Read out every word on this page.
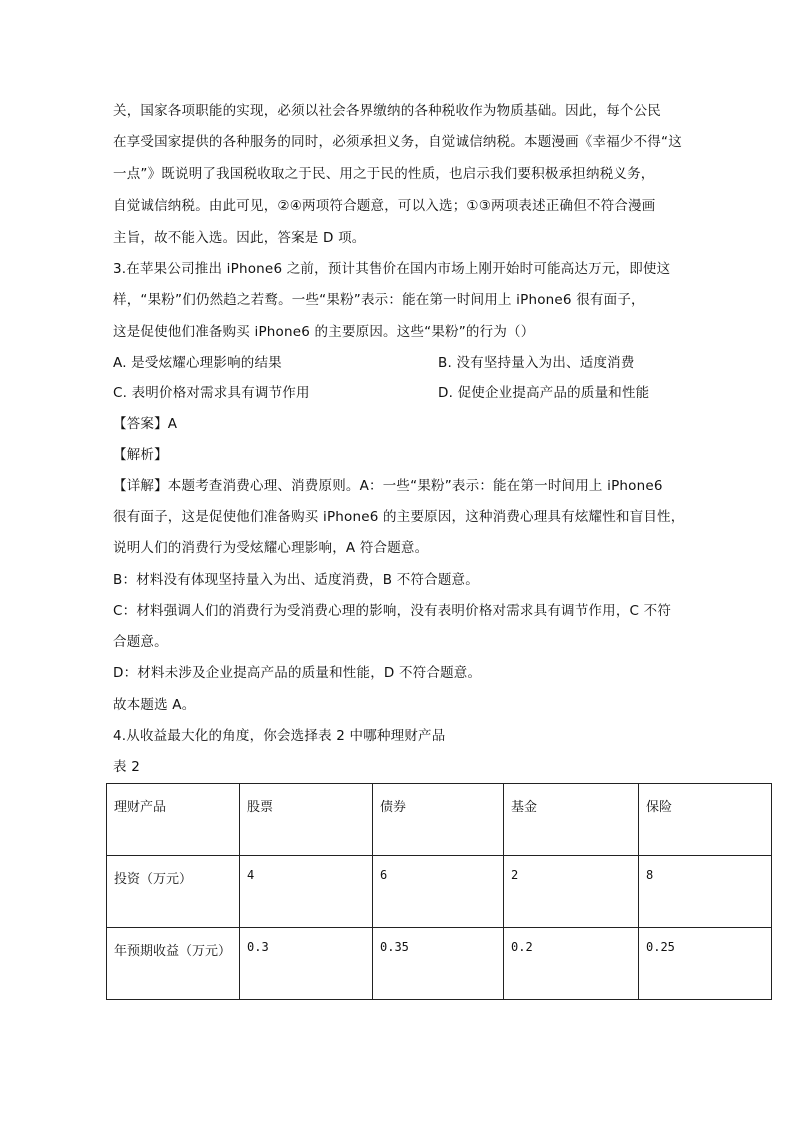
关，国家各项职能的实现，必须以社会各界缴纳的各种税收作为物质基础。因此，每个公民
在享受国家提供的各种服务的同时，必须承担义务，自觉诚信纳税。本题漫画《幸福少不得“这
一点”》既说明了我国税收取之于民、用之于民的性质，也启示我们要积极承担纳税义务，
自觉诚信纳税。由此可见，②④两项符合题意，可以入选；①③两项表述正确但不符合漫画
主旨，故不能入选。因此，答案是 D 项。
3.在苹果公司推出 iPhone6 之前，预计其售价在国内市场上刚开始时可能高达万元，即使这
样，“果粉”们仍然趋之若鹜。一些“果粉”表示：能在第一时间用上 iPhone6 很有面子，
这是促使他们准备购买 iPhone6 的主要原因。这些“果粉”的行为（）
A. 是受炫耀心理影响的结果	B. 没有坚持量入为出、适度消费
C. 表明价格对需求具有调节作用	D. 促使企业提高产品的质量和性能
【答案】A
【解析】
【详解】本题考查消费心理、消费原则。A：一些“果粉”表示：能在第一时间用上 iPhone6
很有面子，这是促使他们准备购买 iPhone6 的主要原因，这种消费心理具有炫耀性和盲目性，
说明人们的消费行为受炫耀心理影响，A 符合题意。
B：材料没有体现坚持量入为出、适度消费，B 不符合题意。
C：材料强调人们的消费行为受消费心理的影响，没有表明价格对需求具有调节作用，C 不符
合题意。
D：材料未涉及企业提高产品的质量和性能，D 不符合题意。
故本题选 A。
4.从收益最大化的角度，你会选择表 2 中哪种理财产品
表 2
理财产品	股票	债券	基金	保险
投资（万元）	4	6	2	8
年预期收益（万元）	0.3	0.35	0.2	0.25
